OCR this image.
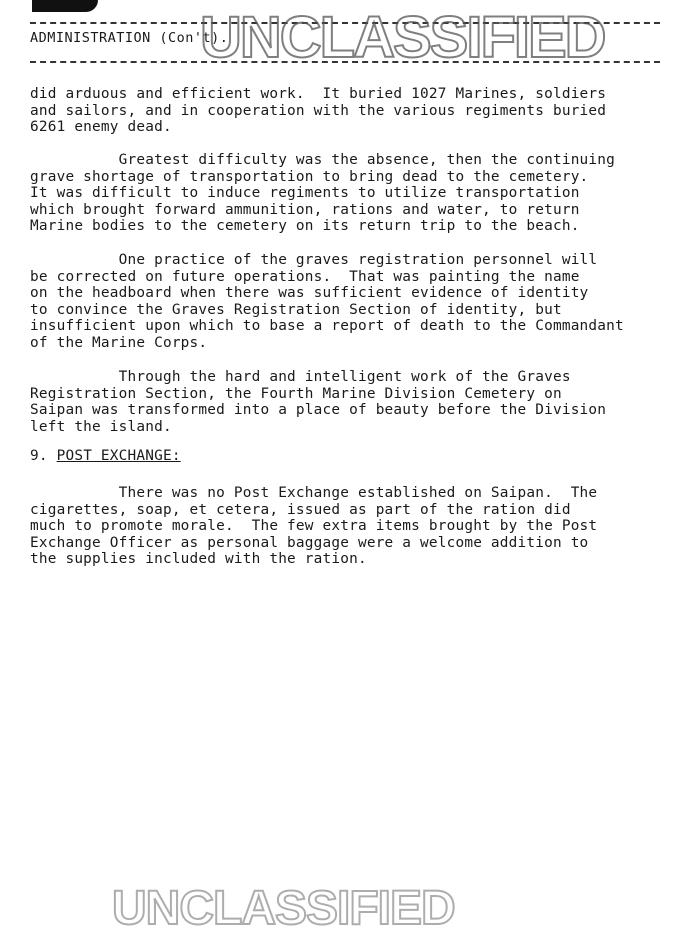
ADMINISTRATION (Con't).
UNCLASSIFIED
did arduous and efficient work.  It buried 1027 Marines, soldiers
and sailors, and in cooperation with the various regiments buried
6261 enemy dead.
Greatest difficulty was the absence, then the continuing
grave shortage of transportation to bring dead to the cemetery.
It was difficult to induce regiments to utilize transportation
which brought forward ammunition, rations and water, to return
Marine bodies to the cemetery on its return trip to the beach.
One practice of the graves registration personnel will
be corrected on future operations.  That was painting the name
on the headboard when there was sufficient evidence of identity
to convince the Graves Registration Section of identity, but
insufficient upon which to base a report of death to the Commandant
of the Marine Corps.
Through the hard and intelligent work of the Graves
Registration Section, the Fourth Marine Division Cemetery on
Saipan was transformed into a place of beauty before the Division
left the island.
9. POST EXCHANGE:
There was no Post Exchange established on Saipan.  The
cigarettes, soap, et cetera, issued as part of the ration did
much to promote morale.  The few extra items brought by the Post
Exchange Officer as personal baggage were a welcome addition to
the supplies included with the ration.
UNCLASSIFIED
